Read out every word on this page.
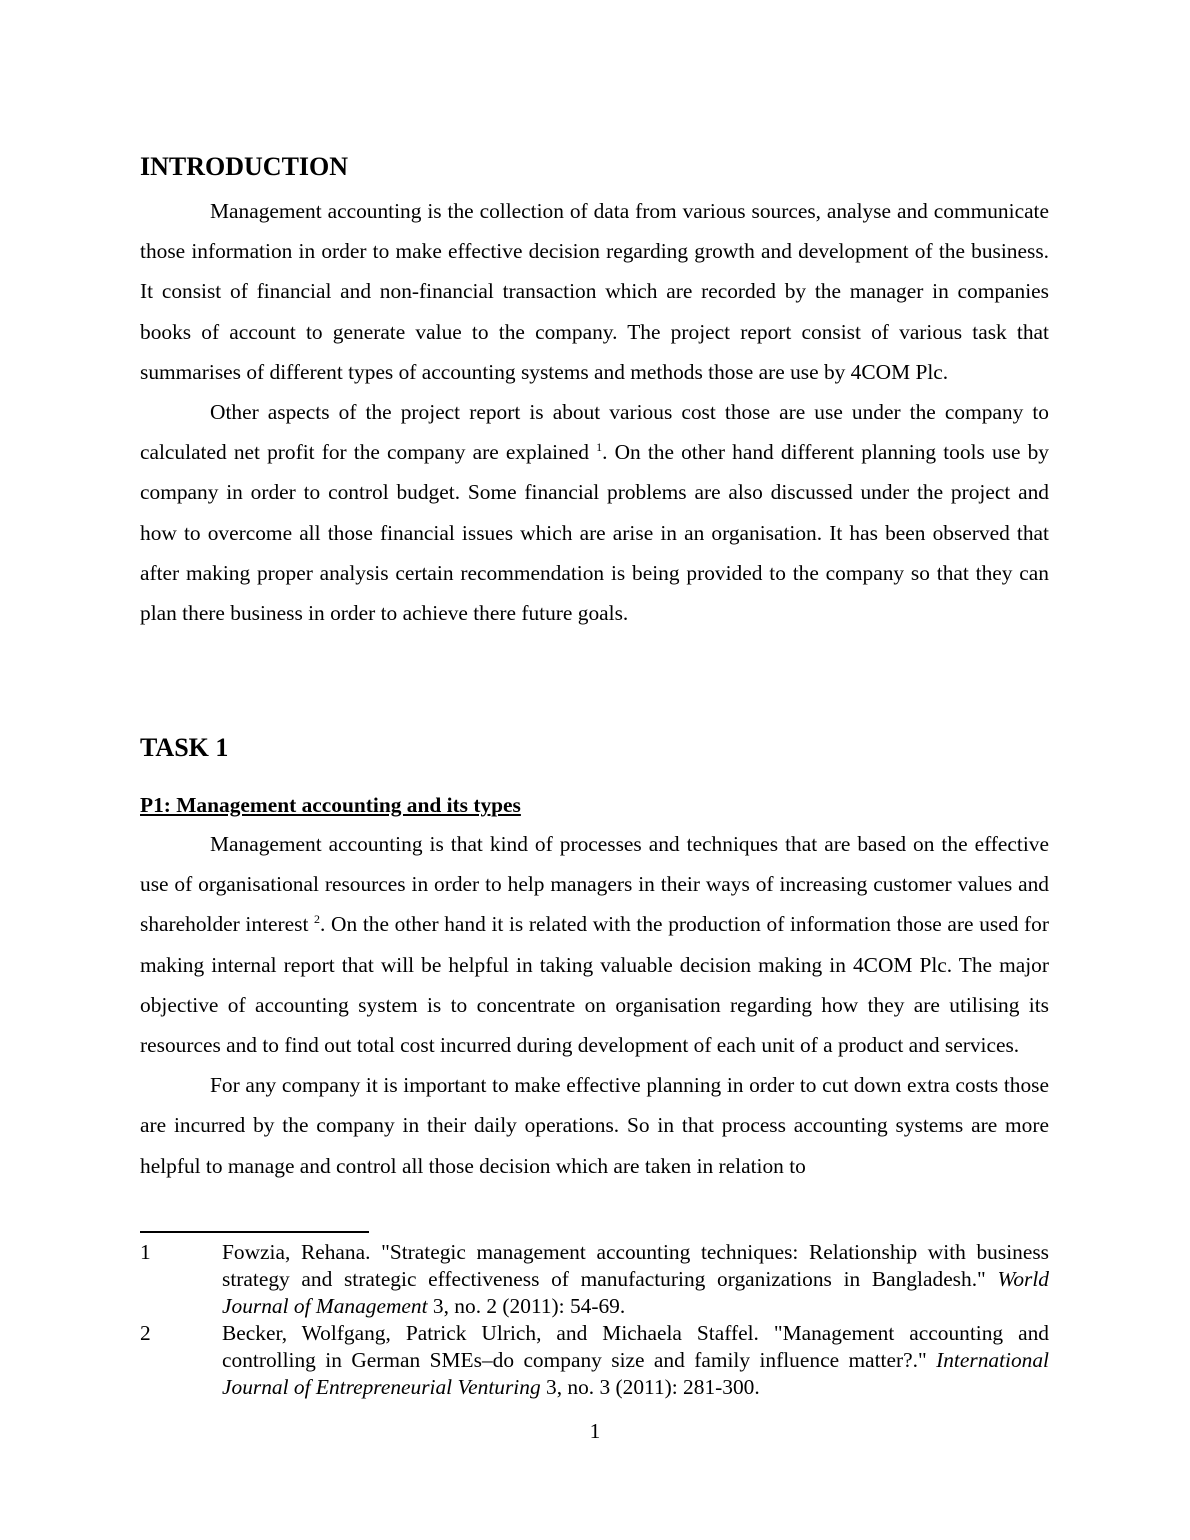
INTRODUCTION

Management accounting is the collection of data from various sources, analyse and communicate those information in order to make effective decision regarding growth and development of the business. It consist of financial and non-financial transaction which are recorded by the manager in companies books of account to generate value to the company. The project report consist of various task that summarises of different types of accounting systems and methods those are use by 4COM Plc.

Other aspects of the project report is about various cost those are use under the company to calculated net profit for the company are explained $^1$. On the other hand different planning tools use by company in order to control budget. Some financial problems are also discussed under the project and how to overcome all those financial issues which are arise in an organisation. It has been observed that after making proper analysis certain recommendation is being provided to the company so that they can plan there business in order to achieve there future goals.

TASK 1
P1: Management accounting and its types

Management accounting is that kind of processes and techniques that are based on the effective use of organisational resources in order to help managers in their ways of increasing customer values and shareholder interest $^2$. On the other hand it is related with the production of information those are used for making internal report that will be helpful in taking valuable decision making in 4COM Plc. The major objective of accounting system is to concentrate on organisation regarding how they are utilising its resources and to find out total cost incurred during development of each unit of a product and services.

For any company it is important to make effective planning in order to cut down extra costs those are incurred by the company in their daily operations. So in that process accounting systems are more helpful to manage and control all those decision which are taken in relation to

1	Fowzia, Rehana. "Strategic management accounting techniques: Relationship with business strategy and strategic effectiveness of manufacturing organizations in Bangladesh." World Journal of Management 3, no. 2 (2011): 54-69.
2	Becker, Wolfgang, Patrick Ulrich, and Michaela Staffel. "Management accounting and controlling in German SMEs–do company size and family influence matter?." International Journal of Entrepreneurial Venturing 3, no. 3 (2011): 281-300.
1
